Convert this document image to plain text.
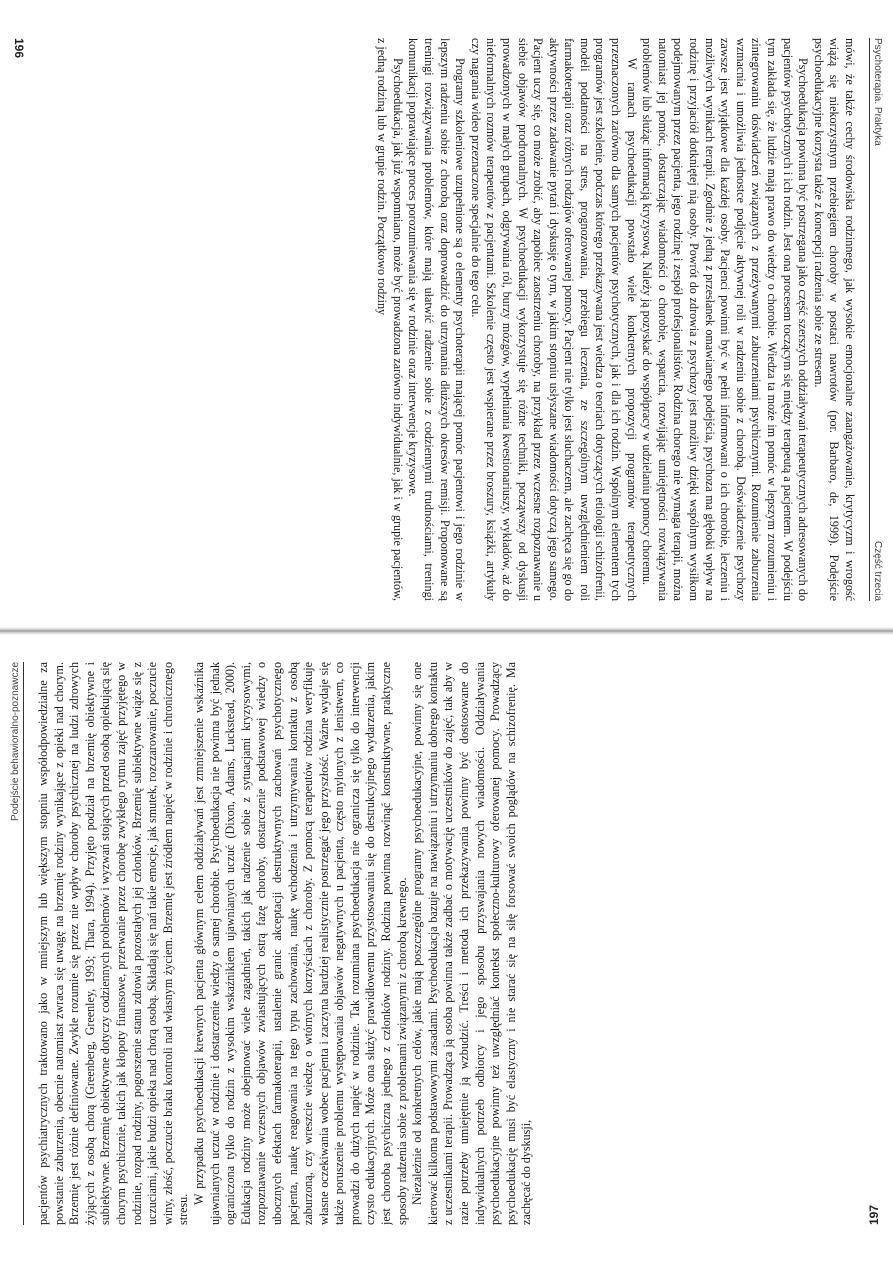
Psychoterapia. Praktyka
Część trzecia

mówi, że także cechy środowiska rodzinnego, jak wysokie emocjonalne zaangażowanie, krytycyzm i wrogość wiążą się niekorzystnym przebiegiem choroby w postaci nawrotów (por. Barbaro, de, 1999). Podejście psychoedukacyjne korzysta także z koncepcji radzenia sobie ze stresem.

Psychoedukacja powinna być postrzegana jako część szerszych oddziaływań terapeutycznych adresowanych do pacjentów psychotycznych i ich rodzin. Jest ona procesem toczącym się między terapeutą a pacjentem. W podejściu tym zakłada się, że ludzie mają prawo do wiedzy o chorobie. Wiedza ta może im pomóc w lepszym zrozumieniu i zintegrowaniu doświadczeń związanych z przeżywanymi zaburzeniami psychicznymi. Rozumienie zaburzenia wzmacnia i umożliwia jednostce podjęcie aktywnej roli w radzeniu sobie z chorobą. Doświadczenie psychozy zawsze jest wyjątkowe dla każdej osoby. Pacjenci powinni być w pełni informowani o ich chorobie, leczeniu i możliwych wynikach terapii. Zgodnie z jedną z przesłanek omawianego podejścia, psychoza ma głęboki wpływ na rodzinę i przyjaciół dotkniętej nią osoby. Powrót do zdrowia z psychozy jest możliwy dzięki wspólnym wysiłkom podejmowanym przez pacjenta, jego rodzinę i zespół profesjonalistów. Rodzina chorego nie wymaga terapii, można natomiast jej pomóc, dostarczając wiadomości o chorobie, wsparcia, rozwijając umiejętności rozwiązywania problemów lub służąc informacją kryzysową. Należy ją pozyskać do współpracy w udzielaniu pomocy choremu.

W ramach psychoedukacji powstało wiele konkretnych propozycji programów terapeutycznych przeznaczonych zarówno dla samych pacjentów psychotycznych, jak i dla ich rodzin. Wspólnym elementem tych programów jest szkolenie, podczas którego przekazywana jest wiedza o teoriach dotyczących etiologii schizofrenii, modeli podatności na stres, prognozowania, przebiegu leczenia, ze szczególnym uwzględnieniem roli farmakoterapii oraz różnych rodzajów oferowanej pomocy. Pacjent nie tylko jest słuchaczem, ale zachęca się go do aktywności przez zadawanie pytań i dyskusję o tym, w jakim stopniu usłyszane wiadomości dotyczą jego samego. Pacjent uczy się, co może zrobić, aby zapobiec zaostrzeniu choroby, na przykład przez wczesne rozpoznawanie u siebie objawów prodromalnych. W psychoedukacji wykorzystuje się różne techniki, począwszy od dyskusji prowadzonych w małych grupach, odgrywania ról, burzy mózgów, wypełniania kwestionariuszy, wykładów, aż do nieformalnych rozmów terapeutów z pacjentami. Szkolenie często jest wspierane przez broszury, książki, artykuły czy nagrania wideo przeznaczone specjalnie do tego celu.

Programy szkoleniowe uzupełnione są o elementy psychoterapii mającej pomóc pacjentowi i jego rodzinie w lepszym radzeniu sobie z chorobą oraz doprowadzić do utrzymania dłuższych okresów remisji. Proponowane są treningi rozwiązywania problemów, które mają ułatwić radzenie sobie z codziennymi trudnościami, treningi komunikacji poprawiające proces porozumiewania się w rodzinie oraz interwencje kryzysowe.

Psychoedukacja, jak już wspomniano, może być prowadzona zarówno indywidualnie, jak i w grupie pacjentów, z jedną rodziną lub w grupie rodzin. Początkowo rodziny

196
Podejście behawioralno-poznawcze pacjentów psychiatrycznych traktowano jako w mniejszym lub większym stopniu współodpowiedzialne za powstanie zaburzenia, obecnie natomiast zwraca się uwagę na brzemię rodziny wynikające z opieki nad chorym. Brzemię jest różnie definiowane. Zwykle rozumie się przez nie wpływ choroby psychicznej na ludzi zdrowych żyjących z osobą chorą (Greenberg, Greenley, 1993; Thara, 1994). Przyjęto podział na brzemię obiektywne i subiektywne. Brzemię obiektywne dotyczy codziennych problemów i wyzwań stojących przed osobą opiekującą się chorym psychicznie, takich jak kłopoty finansowe, przerwanie przez chorobę zwykłego rytmu zajęć przyjętego w rodzinie, rozpad rodziny, pogorszenie stanu zdrowia pozostałych jej członków. Brzemię subiektywne wiąże się z uczuciami, jakie budzi opieka nad chorą osobą. Składają się nań takie emocje, jak smutek, rozczarowanie, poczucie winy, złość, poczucie braku kontroli nad własnym życiem. Brzemię jest źródłem napięć w rodzinie i chronicznego stresu.

W przypadku psychoedukacji krewnych pacjenta głównym celem oddziaływań jest zmniejszenie wskaźnika ujawnianych uczuć w rodzinie i dostarczenie wiedzy o samej chorobie. Psychoedukacja nie powinna być jednak ograniczona tylko do rodzin z wysokim wskaźnikiem ujawnianych uczuć (Dixon, Adams, Luckstead, 2000). Edukacja rodziny może obejmować wiele zagadnień, takich jak radzenie sobie z sytuacjami kryzysowymi, rozpoznawanie wczesnych objawów zwiastujących ostrą fazę choroby, dostarczenie podstawowej wiedzy o ubocznych efektach farmakoterapii, ustalenie granic akceptacji destruktywnych zachowań psychotycznego pacjenta, naukę reagowania na tego typu zachowania, naukę wchodzenia i utrzymywania kontaktu z osobą zaburzoną, czy wreszcie wiedzę o wtórnych korzyściach z choroby. Z pomocą terapeutów rodzina weryfikuje własne oczekiwania wobec pacjenta i zaczyna bardziej realistycznie postrzegać jego przyszłość. Ważne wydaje się także poruszenie problemu występowania objawów negatywnych u pacjenta, często mylonych z lenistwem, co prowadzi do dużych napięć w rodzinie. Tak rozumiana psychoedukacja nie ogranicza się tylko do interwencji czysto edukacyjnych. Może ona służyć prawidłowemu przystosowaniu się do destrukcyjnego wydarzenia, jakim jest choroba psychiczna jednego z członków rodziny. Rodzina powinna rozwinąć konstruktywne, praktyczne sposoby radzenia sobie z problemami związanymi z chorobą krewnego. Niezależnie od konkretnych celów, jakie mają poszczególne programy psychoedukacyjne, powinny się one kierować kilkoma podstawowymi zasadami. Psychoedukacja bazuje na nawiązaniu i utrzymaniu dobrego kontaktu z uczestnikami terapii. Prowadząca ją osoba powinna także zadbać o motywację uczestników do zajęć, tak aby w razie potrzeby umiejętnie ją wzbudzić. Treści i metoda ich przekazywania powinny być dostosowane do indywidualnych potrzeb odbiorcy i jego sposobu przyswajania nowych wiadomości. Oddziaływania psychoedukacyjne powinny też uwzględniać kontekst społeczno-kulturowy oferowanej pomocy. Prowadzący psychoedukację musi być elastyczny i nie starać się na siłę forsować swoich poglądów na schizofrenię. Ma zachęcać do dyskusji,	197
